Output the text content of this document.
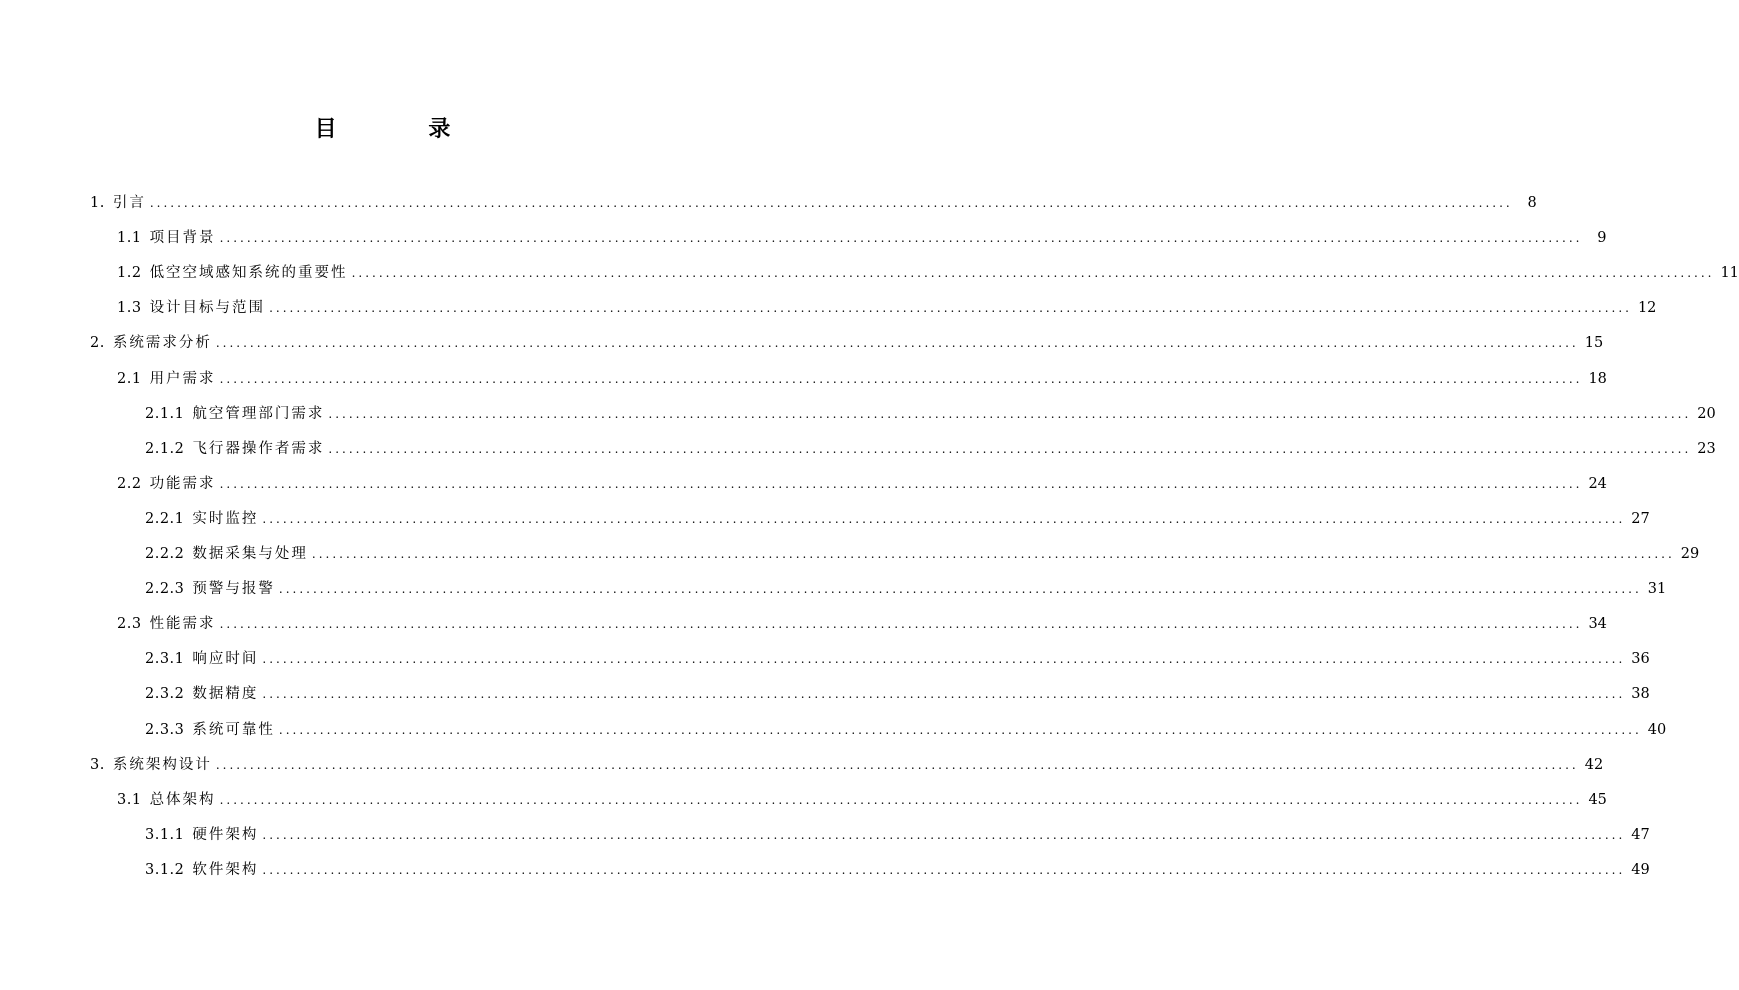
目 录
1. 引言 ........................................................................................................................................................................................................	8
1.1 项目背景 ........................................................................................................................................................................................................	9
1.2 低空空域感知系统的重要性 ........................................................................................................................................................................................................ 11
1.3 设计目标与范围 ........................................................................................................................................................................................................ 12
2. 系统需求分析 ........................................................................................................................................................................................................ 15
2.1 用户需求 ........................................................................................................................................................................................................ 18
2.1.1 航空管理部门需求 ........................................................................................................................................................................................................ 20
2.1.2 飞行器操作者需求 ........................................................................................................................................................................................................ 23
2.2 功能需求 ........................................................................................................................................................................................................ 24
2.2.1 实时监控 ........................................................................................................................................................................................................ 27
2.2.2 数据采集与处理 ........................................................................................................................................................................................................ 29
2.2.3 预警与报警 ........................................................................................................................................................................................................ 31
2.3 性能需求 ........................................................................................................................................................................................................ 34
2.3.1 响应时间 ........................................................................................................................................................................................................ 36
2.3.2 数据精度 ........................................................................................................................................................................................................ 38
2.3.3 系统可靠性 ........................................................................................................................................................................................................ 40
3. 系统架构设计 ........................................................................................................................................................................................................ 42
3.1 总体架构 ........................................................................................................................................................................................................ 45
3.1.1 硬件架构 ........................................................................................................................................................................................................ 47
3.1.2 软件架构 ........................................................................................................................................................................................................ 49
